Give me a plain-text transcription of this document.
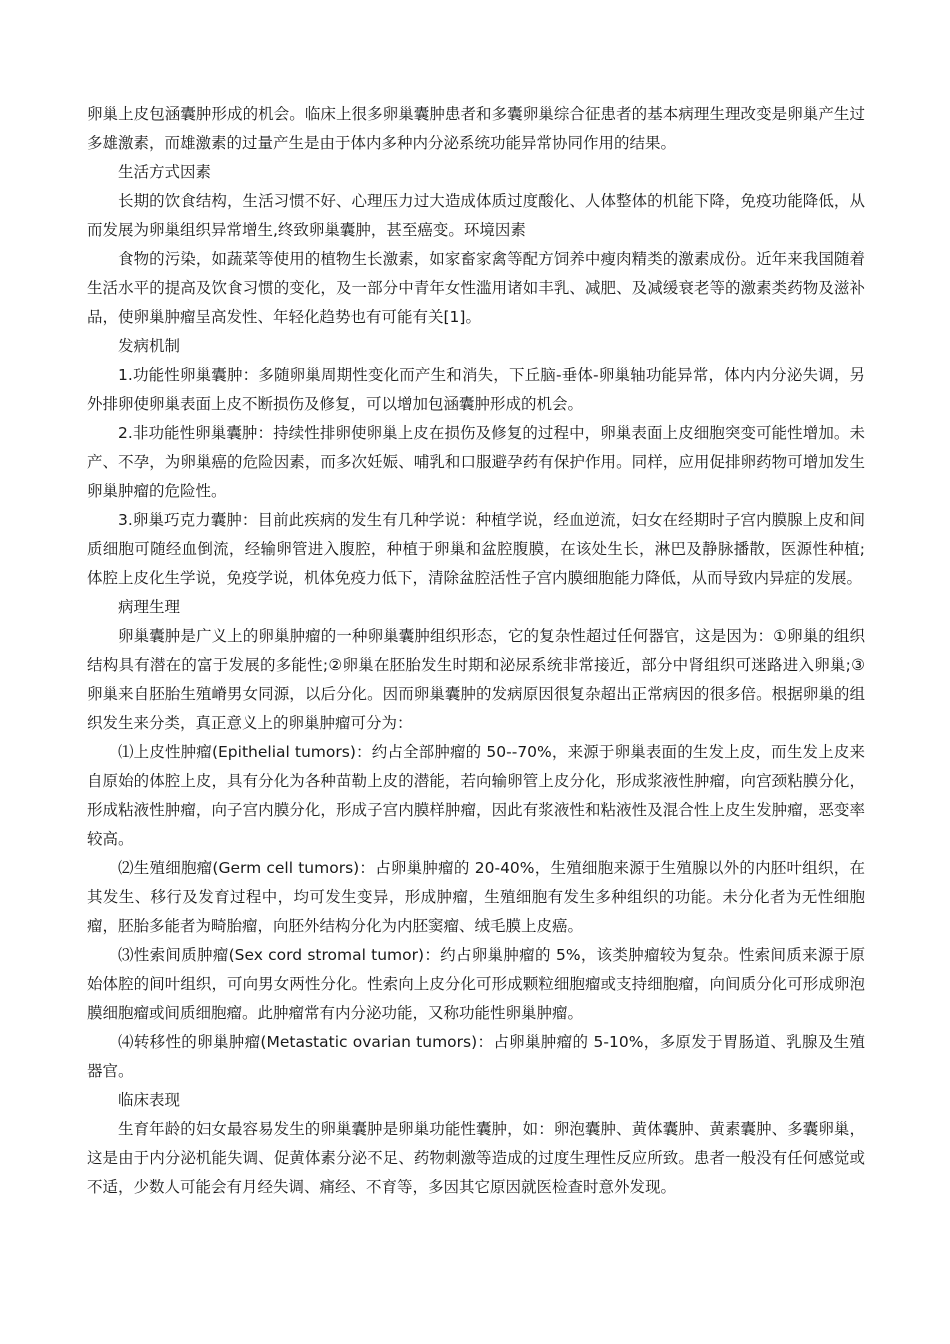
卵巢上皮包涵囊肿形成的机会。临床上很多卵巢囊肿患者和多囊卵巢综合征患者的基本病理生理改变是卵巢产生过多雄激素，而雄激素的过量产生是由于体内多种内分泌系统功能异常协同作用的结果。

生活方式因素

长期的饮食结构，生活习惯不好、心理压力过大造成体质过度酸化、人体整体的机能下降，免疫功能降低，从而发展为卵巢组织异常增生,终致卵巢囊肿，甚至癌变。环境因素

食物的污染，如蔬菜等使用的植物生长激素，如家畜家禽等配方饲养中瘦肉精类的激素成份。近年来我国随着生活水平的提高及饮食习惯的变化，及一部分中青年女性滥用诸如丰乳、减肥、及减缓衰老等的激素类药物及滋补品，使卵巢肿瘤呈高发性、年轻化趋势也有可能有关[1]。

发病机制

1.功能性卵巢囊肿：多随卵巢周期性变化而产生和消失，下丘脑-垂体-卵巢轴功能异常，体内内分泌失调，另外排卵使卵巢表面上皮不断损伤及修复，可以增加包涵囊肿形成的机会。

2.非功能性卵巢囊肿：持续性排卵使卵巢上皮在损伤及修复的过程中，卵巢表面上皮细胞突变可能性增加。未产、不孕，为卵巢癌的危险因素，而多次妊娠、哺乳和口服避孕药有保护作用。同样，应用促排卵药物可增加发生卵巢肿瘤的危险性。

3.卵巢巧克力囊肿：目前此疾病的发生有几种学说：种植学说，经血逆流，妇女在经期时子宫内膜腺上皮和间质细胞可随经血倒流，经输卵管进入腹腔，种植于卵巢和盆腔腹膜，在该处生长，淋巴及静脉播散，医源性种植;体腔上皮化生学说，免疫学说，机体免疫力低下，清除盆腔活性子宫内膜细胞能力降低，从而导致内异症的发展。

病理生理

卵巢囊肿是广义上的卵巢肿瘤的一种卵巢囊肿组织形态，它的复杂性超过任何器官，这是因为：①卵巢的组织结构具有潜在的富于发展的多能性;②卵巢在胚胎发生时期和泌尿系统非常接近，部分中肾组织可迷路进入卵巢;③卵巢来自胚胎生殖嵴男女同源，以后分化。因而卵巢囊肿的发病原因很复杂超出正常病因的很多倍。根据卵巢的组织发生来分类，真正意义上的卵巢肿瘤可分为：

⑴上皮性肿瘤(Epithelial tumors)：约占全部肿瘤的 50--70%，来源于卵巢表面的生发上皮，而生发上皮来自原始的体腔上皮，具有分化为各种苗勒上皮的潜能，若向输卵管上皮分化，形成浆液性肿瘤，向宫颈粘膜分化，形成粘液性肿瘤，向子宫内膜分化，形成子宫内膜样肿瘤，因此有浆液性和粘液性及混合性上皮生发肿瘤，恶变率较高。

⑵生殖细胞瘤(Germ cell tumors)：占卵巢肿瘤的 20-40%，生殖细胞来源于生殖腺以外的内胚叶组织，在其发生、移行及发育过程中，均可发生变异，形成肿瘤，生殖细胞有发生多种组织的功能。未分化者为无性细胞瘤，胚胎多能者为畸胎瘤，向胚外结构分化为内胚窦瘤、绒毛膜上皮癌。

⑶性索间质肿瘤(Sex cord stromal tumor)：约占卵巢肿瘤的 5%，该类肿瘤较为复杂。性索间质来源于原始体腔的间叶组织，可向男女两性分化。性索向上皮分化可形成颗粒细胞瘤或支持细胞瘤，向间质分化可形成卵泡膜细胞瘤或间质细胞瘤。此肿瘤常有内分泌功能，又称功能性卵巢肿瘤。

⑷转移性的卵巢肿瘤(Metastatic ovarian tumors)：占卵巢肿瘤的 5-10%，多原发于胃肠道、乳腺及生殖器官。

临床表现

生育年龄的妇女最容易发生的卵巢囊肿是卵巢功能性囊肿，如：卵泡囊肿、黄体囊肿、黄素囊肿、多囊卵巢，这是由于内分泌机能失调、促黄体素分泌不足、药物刺激等造成的过度生理性反应所致。患者一般没有任何感觉或不适，少数人可能会有月经失调、痛经、不育等，多因其它原因就医检查时意外发现。
